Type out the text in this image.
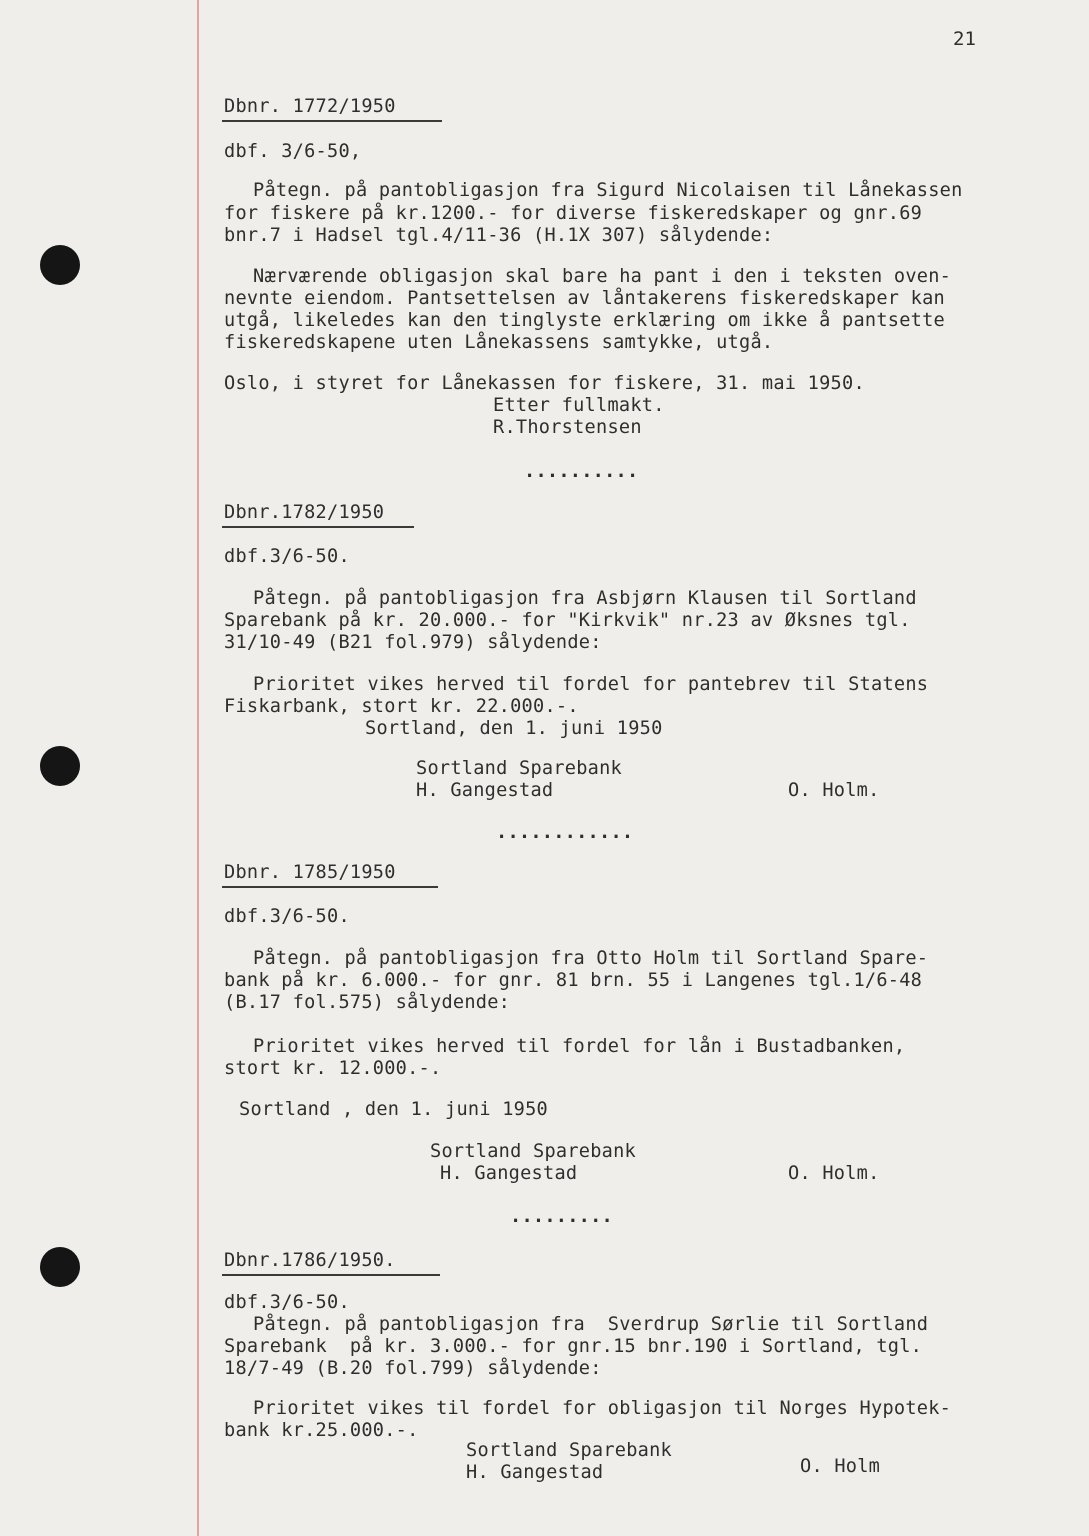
21
Dbnr. 1772/1950
dbf. 3/6-50,
Påtegn. på pantobligasjon fra Sigurd Nicolaisen til Lånekassen
for fiskere på kr.1200.- for diverse fiskeredskaper og gnr.69
bnr.7 i Hadsel tgl.4/11-36 (H.1X 307) sålydende:
Nærværende obligasjon skal bare ha pant i den i teksten oven-
nevnte eiendom. Pantsettelsen av låntakerens fiskeredskaper kan
utgå, likeledes kan den tinglyste erklæring om ikke å pantsette
fiskeredskapene uten Lånekassens samtykke, utgå.
Oslo, i styret for Lånekassen for fiskere, 31. mai 1950.
Etter fullmakt.
R.Thorstensen
..........
Dbnr.1782/1950
dbf.3/6-50.
Påtegn. på pantobligasjon fra Asbjørn Klausen til Sortland
Sparebank på kr. 20.000.- for "Kirkvik" nr.23 av Øksnes tgl.
31/10-49 (B21 fol.979) sålydende:
Prioritet vikes herved til fordel for pantebrev til Statens
Fiskarbank, stort kr. 22.000.-.
Sortland, den 1. juni 1950
Sortland Sparebank
H. Gangestad	O. Holm.
............
Dbnr. 1785/1950
dbf.3/6-50.
Påtegn. på pantobligasjon fra Otto Holm til Sortland Spare-
bank på kr. 6.000.- for gnr. 81 brn. 55 i Langenes tgl.1/6-48
(B.17 fol.575) sålydende:
Prioritet vikes herved til fordel for lån i Bustadbanken,
stort kr. 12.000.-.
Sortland , den 1. juni 1950
Sortland Sparebank
H. Gangestad	O. Holm.
.........
Dbnr.1786/1950.
dbf.3/6-50.
Påtegn. på pantobligasjon fra  Sverdrup Sørlie til Sortland
Sparebank  på kr. 3.000.- for gnr.15 bnr.190 i Sortland, tgl.
18/7-49 (B.20 fol.799) sålydende:
Prioritet vikes til fordel for obligasjon til Norges Hypotek-
bank kr.25.000.-.
Sortland Sparebank
H. Gangestad	O. Holm
